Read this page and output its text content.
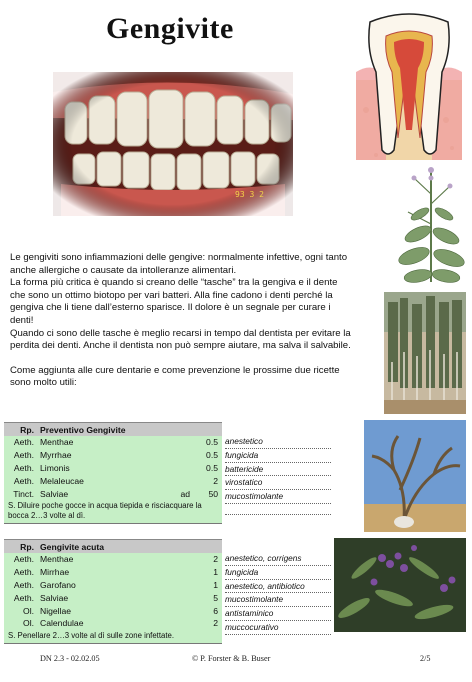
Gengivite
93 3 2

Le gengiviti sono infiammazioni delle gengive: normalmente infettive, ogni tanto anche allergiche o causate da intolleranze alimentari.

La forma più critica è quando si creano delle “tasche” tra la gengiva e il dente che sono un ottimo biotopo per vari batteri. Alla fine cadono i denti perché la gengiva che li tiene dall’esterno sparisce. Il dolore è un segnale per curare i denti!

Quando ci sono delle tasche è meglio recarsi in tempo dal dentista per evitare la perdita dei denti. Anche il dentista non può sempre aiutare, ma salva il salvabile.

Come aggiunta alle cure dentarie e come prevenzione le prossime due ricette sono molto utili:

Rp. Preventivo Gengivite
Aeth. Menthae	0.5
Aeth. Myrrhae	0.5
Aeth. Limonis	0.5
Aeth. Melaleucae	2
Tinct. Salviae	ad	50
S. Diluire poche gocce in acqua tiepida e risciacquare la bocca 2…3 volte al dì.
anestetico
fungicida
battericide
virostatico
mucostimolante
Rp. Gengivite acuta
Aeth. Menthae	2
Aeth. Mirrhae	1
Aeth. Garofano	1
Aeth. Salviae	5
Ol. Nigellae	6
Ol. Calendulae	2
S. Penellare 2…3 volte al dì sulle zone infettate.
anestetico, corrigens
fungicida
anestetico, antibiotico
mucostimolante
antistaminico
muccocurativo
DN 2.3 - 02.02.05	© P. Forster & B. Buser	2/5
